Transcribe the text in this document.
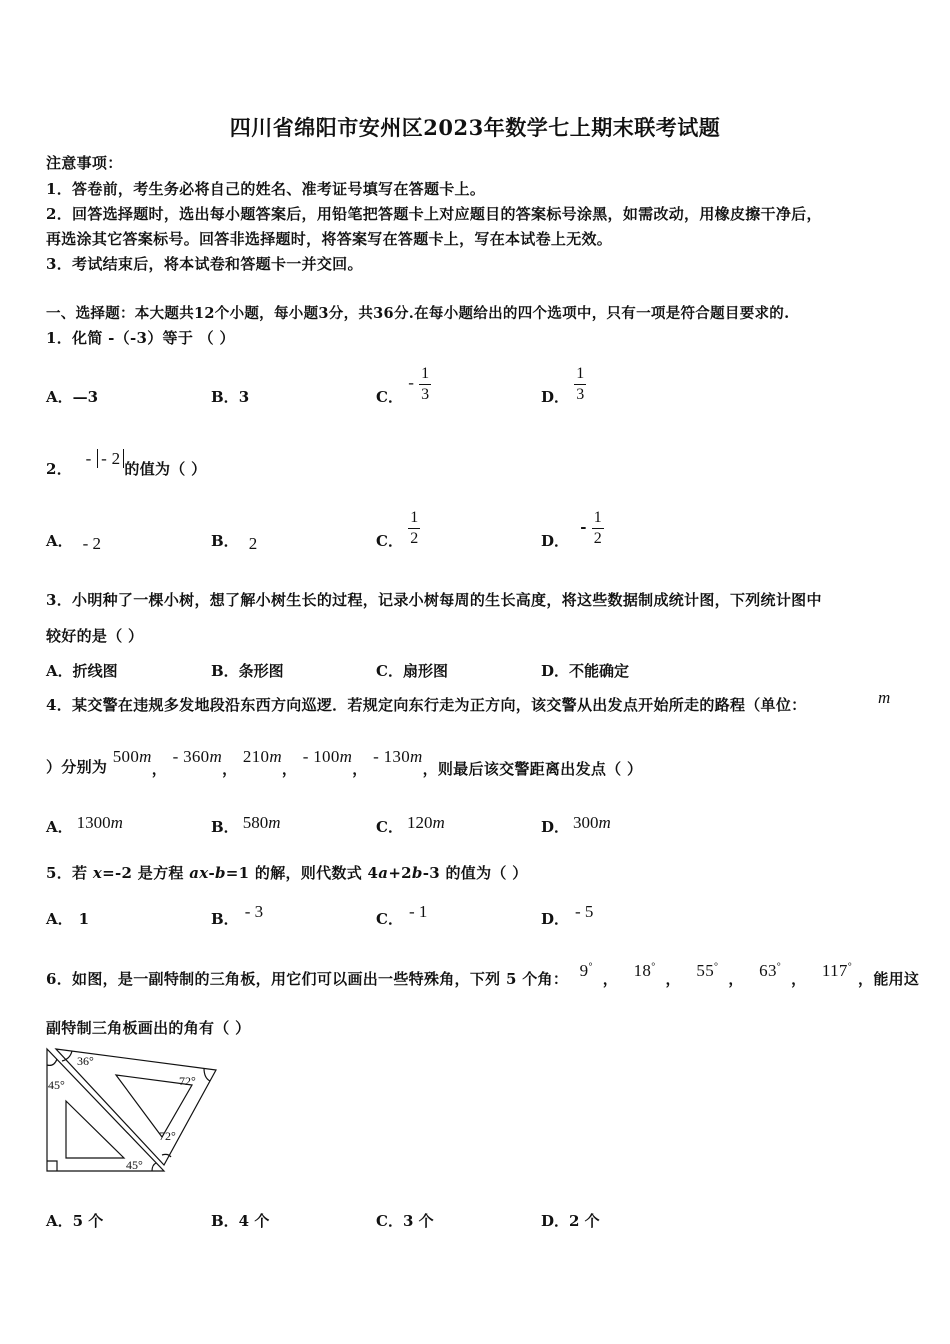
四川省绵阳市安州区2023年数学七上期末联考试题
注意事项：
1．答卷前，考生务必将自己的姓名、准考证号填写在答题卡上。
2．回答选择题时，选出每小题答案后，用铅笔把答题卡上对应题目的答案标号涂黑，如需改动，用橡皮擦干净后，
再选涂其它答案标号。回答非选择题时，将答案写在答题卡上，写在本试卷上无效。
3．考试结束后，将本试卷和答题卡一并交回。
一、选择题：本大题共12个小题，每小题3分，共36分.在每小题给出的四个选项中，只有一项是符合题目要求的.
1．化简 -（-3）等于 （ ）
A．—3	B．3	C． - $\frac{1}{3}$	D． $\frac{1}{3}$
2． - - 2的值为（ ）
A． - 2	B． 2	C． $\frac{1}{2}$	D． - $\frac{1}{2}$
3．小明种了一棵小树，想了解小树生长的过程，记录小树每周的生长高度，将这些数据制成统计图，下列统计图中
较好的是（ ）
A．折线图	B．条形图	C．扇形图	D．不能确定
4．某交警在违规多发地段沿东西方向巡逻．若规定向东行走为正方向，该交警从出发点开始所走的路程（单位：	m
）分别为 500m， - 360m， 210m， - 100m， - 130m，则最后该交警距离出发点（ ）
A． 1300m	B． 580m	C． 120m	D． 300m
5．若 x=-2 是方程 ax-b=1 的解，则代数式 4a+2b-3 的值为（ ）
A． 1	B． - 3	C． - 1	D． - 5
6．如图，是一副特制的三角板，用它们可以画出一些特殊角，下列 5 个角： 9°， 18°， 55°， 63°， 117°，能用这
副特制三角板画出的角有（ ）
36°
45°	72°
72°
45°
A．5 个	B．4 个	C．3 个	D．2 个
